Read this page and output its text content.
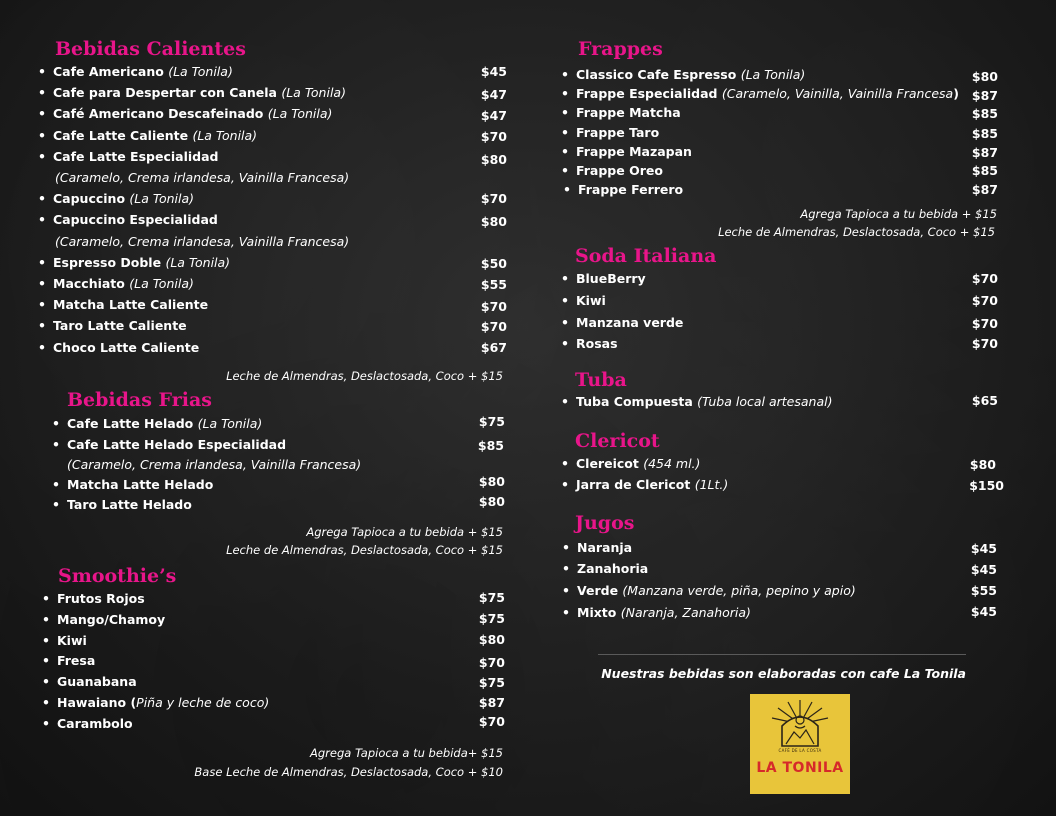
Bebidas Calientes
• Cafe Americano (La Tonila)	$45
• Cafe para Despertar con Canela (La Tonila)	$47
• Café Americano Descafeinado (La Tonila)	$47
• Cafe Latte Caliente (La Tonila)	$70
• Cafe Latte Especialidad	$80
(Caramelo, Crema irlandesa, Vainilla Francesa)
• Capuccino (La Tonila)	$70
• Capuccino Especialidad	$80
(Caramelo, Crema irlandesa, Vainilla Francesa)
• Espresso Doble (La Tonila)	$50
• Macchiato (La Tonila)	$55
• Matcha Latte Caliente	$70
• Taro Latte Caliente	$70
• Choco Latte Caliente	$67
Leche de Almendras, Deslactosada, Coco + $15
Bebidas Frias
• Cafe Latte Helado (La Tonila)	$75
• Cafe Latte Helado Especialidad	$85
(Caramelo, Crema irlandesa, Vainilla Francesa)
• Matcha Latte Helado	$80
• Taro Latte Helado	$80
Agrega Tapioca a tu bebida + $15
Leche de Almendras, Deslactosada, Coco + $15
Smoothie’s
• Frutos Rojos	$75
• Mango/Chamoy	$75
• Kiwi	$80
• Fresa	$70
• Guanabana	$75
• Hawaiano (Piña y leche de coco)	$87
• Carambolo	$70
Agrega Tapioca a tu bebida+ $15
Base Leche de Almendras, Deslactosada, Coco + $10
Frappes
• Classico Cafe Espresso (La Tonila)	$80
• Frappe Especialidad (Caramelo, Vainilla, Vainilla Francesa)	$87
• Frappe Matcha	$85
• Frappe Taro	$85
• Frappe Mazapan	$87
• Frappe Oreo	$85
• Frappe Ferrero	$87
Agrega Tapioca a tu bebida + $15
Leche de Almendras, Deslactosada, Coco + $15
Soda Italiana
• BlueBerry	$70
• Kiwi	$70
• Manzana verde	$70
• Rosas	$70
Tuba
• Tuba Compuesta (Tuba local artesanal)	$65
Clericot
• Clereicot (454 ml.)	$80
• Jarra de Clericot (1Lt.)	$150
Jugos
• Naranja	$45
• Zanahoria	$45
• Verde (Manzana verde, piña, pepino y apio)	$55
• Mixto (Naranja, Zanahoria)	$45
Nuestras bebidas son elaboradas con cafe La Tonila
CAFÉ DE LA COSTA
LA TONILA
